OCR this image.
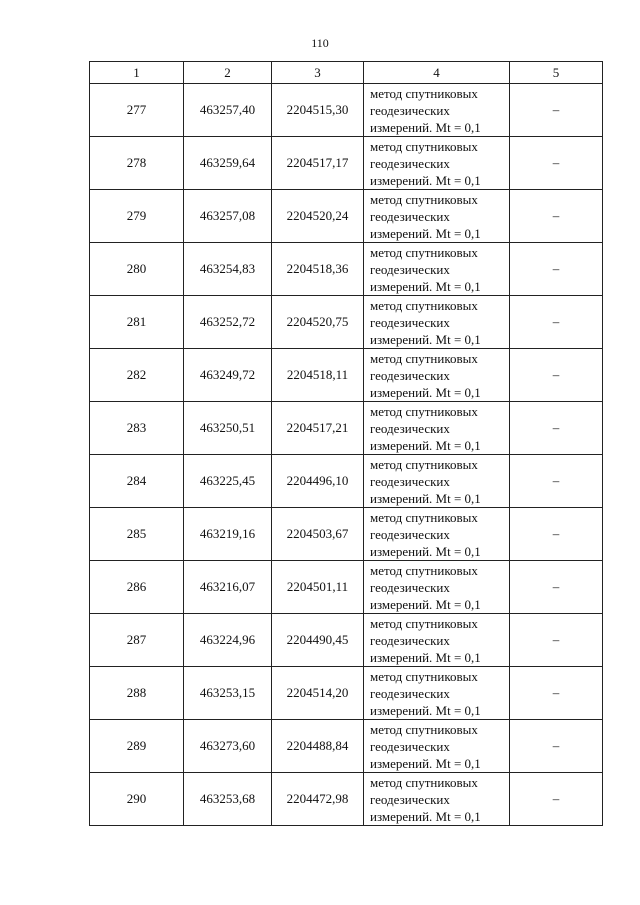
110
1	2	3	4	5
277	463257,40	2204515,30	метод спутниковых
геодезических
измерений. Mt = 0,1	–
278	463259,64	2204517,17	метод спутниковых
геодезических
измерений. Mt = 0,1	–
279	463257,08	2204520,24	метод спутниковых
геодезических
измерений. Mt = 0,1	–
280	463254,83	2204518,36	метод спутниковых
геодезических
измерений. Mt = 0,1	–
281	463252,72	2204520,75	метод спутниковых
геодезических
измерений. Mt = 0,1	–
282	463249,72	2204518,11	метод спутниковых
геодезических
измерений. Mt = 0,1	–
283	463250,51	2204517,21	метод спутниковых
геодезических
измерений. Mt = 0,1	–
284	463225,45	2204496,10	метод спутниковых
геодезических
измерений. Mt = 0,1	–
285	463219,16	2204503,67	метод спутниковых
геодезических
измерений. Mt = 0,1	–
286	463216,07	2204501,11	метод спутниковых
геодезических
измерений. Mt = 0,1	–
287	463224,96	2204490,45	метод спутниковых
геодезических
измерений. Mt = 0,1	–
288	463253,15	2204514,20	метод спутниковых
геодезических
измерений. Mt = 0,1	–
289	463273,60	2204488,84	метод спутниковых
геодезических
измерений. Mt = 0,1	–
290	463253,68	2204472,98	метод спутниковых
геодезических
измерений. Mt = 0,1	–
